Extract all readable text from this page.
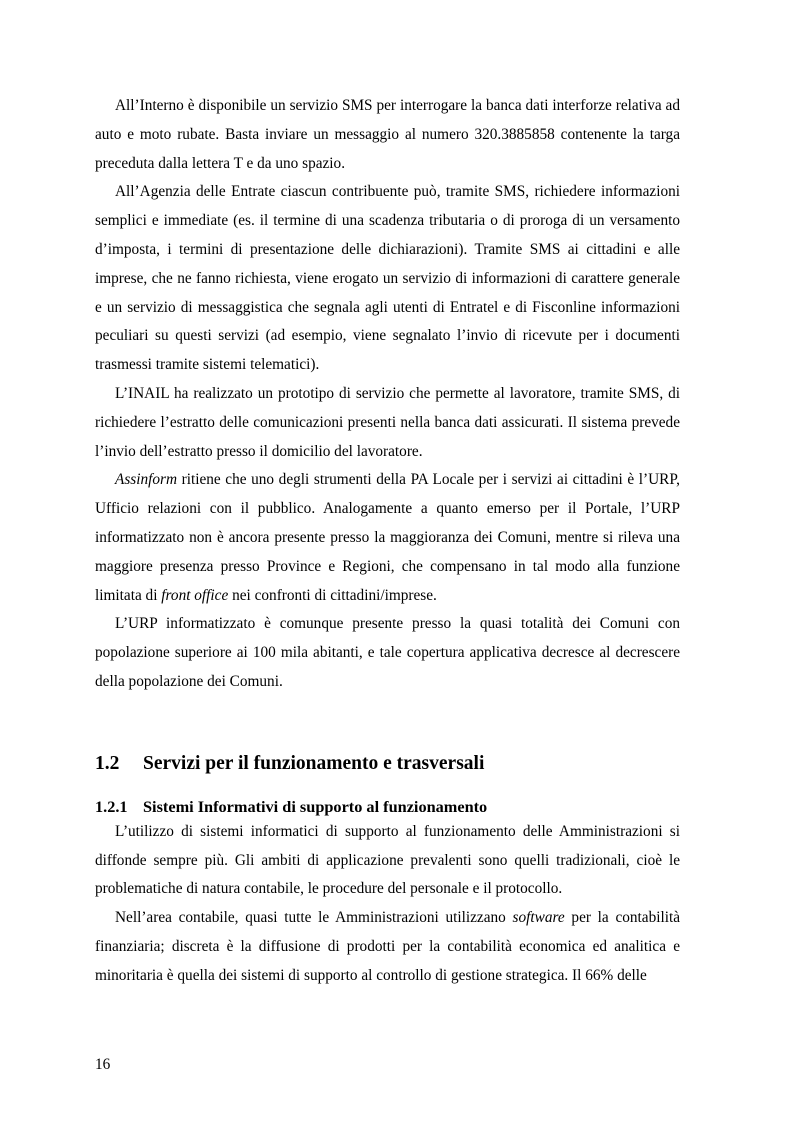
All’Interno è disponibile un servizio SMS per interrogare la banca dati interforze relativa ad auto e moto rubate. Basta inviare un messaggio al numero 320.3885858 contenente la targa preceduta dalla lettera T e da uno spazio.

All’Agenzia delle Entrate ciascun contribuente può, tramite SMS, richiedere informazioni semplici e immediate (es. il termine di una scadenza tributaria o di proroga di un versamento d’imposta, i termini di presentazione delle dichiarazioni). Tramite SMS ai cittadini e alle imprese, che ne fanno richiesta, viene erogato un servizio di informazioni di carattere generale e un servizio di messaggistica che segnala agli utenti di Entratel e di Fisconline informazioni peculiari su questi servizi (ad esempio, viene segnalato l’invio di ricevute per i documenti trasmessi tramite sistemi telematici).

L’INAIL ha realizzato un prototipo di servizio che permette al lavoratore, tramite SMS, di richiedere l’estratto delle comunicazioni presenti nella banca dati assicurati. Il sistema prevede l’invio dell’estratto presso il domicilio del lavoratore.

Assinform ritiene che uno degli strumenti della PA Locale per i servizi ai cittadini è l’URP, Ufficio relazioni con il pubblico. Analogamente a quanto emerso per il Portale, l’URP informatizzato non è ancora presente presso la maggioranza dei Comuni, mentre si rileva una maggiore presenza presso Province e Regioni, che compensano in tal modo alla funzione limitata di front office nei confronti di cittadini/imprese.

L’URP informatizzato è comunque presente presso la quasi totalità dei Comuni con popolazione superiore ai 100 mila abitanti, e tale copertura applicativa decresce al decrescere della popolazione dei Comuni.

1.2 Servizi per il funzionamento e trasversali
1.2.1 Sistemi Informativi di supporto al funzionamento

L’utilizzo di sistemi informatici di supporto al funzionamento delle Amministrazioni si diffonde sempre più. Gli ambiti di applicazione prevalenti sono quelli tradizionali, cioè le problematiche di natura contabile, le procedure del personale e il protocollo.

Nell’area contabile, quasi tutte le Amministrazioni utilizzano software per la contabilità finanziaria; discreta è la diffusione di prodotti per la contabilità economica ed analitica e minoritaria è quella dei sistemi di supporto al controllo di gestione strategica. Il 66% delle

16
